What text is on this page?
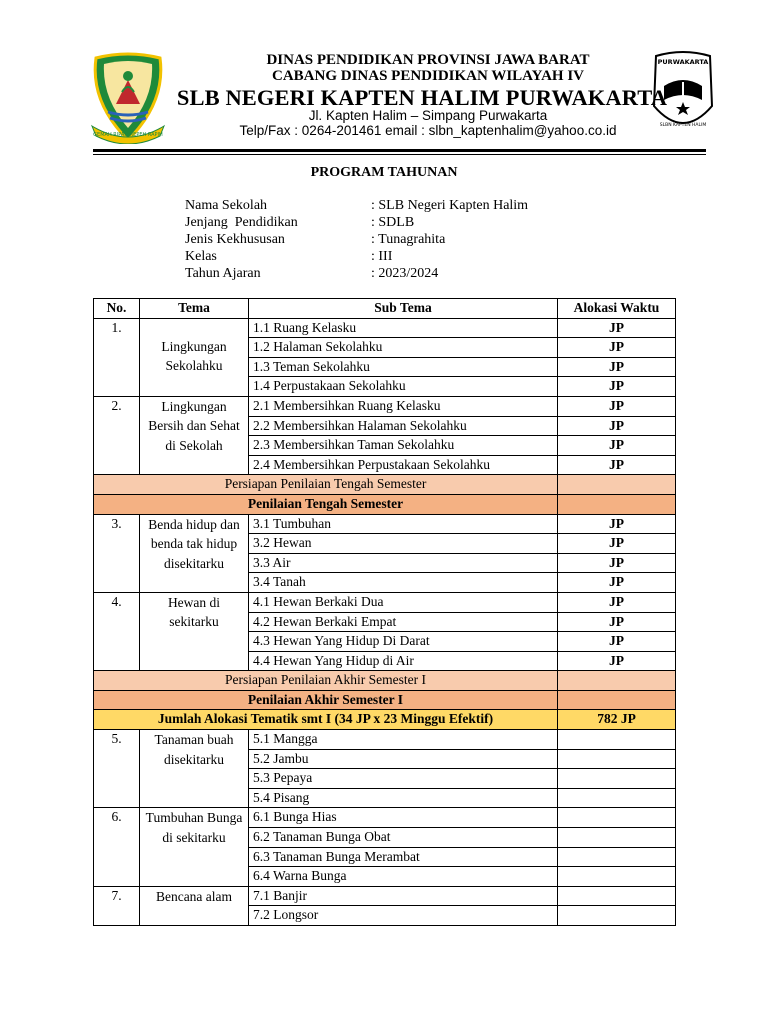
GEMAH RIPAH REPEH RAPIH
PURWAKARTA
SLBN KAPTEN HALIM
DINAS PENDIDIKAN PROVINSI JAWA BARAT
CABANG DINAS PENDIDIKAN WILAYAH IV
SLB NEGERI KAPTEN HALIM PURWAKARTA
Jl. Kapten Halim – Simpang Purwakarta
Telp/Fax : 0264-201461 email : slbn_kaptenhalim@yahoo.co.id
PROGRAM TAHUNAN
Nama Sekolah	: SLB Negeri Kapten Halim
Jenjang  Pendidikan	: SDLB
Jenis Kekhususan	: Tunagrahita
Kelas	: III
Tahun Ajaran	: 2023/2024
No.	Tema	Sub Tema	Alokasi Waktu
1.	Lingkungan Sekolahku	1.1 Ruang Kelasku	JP
		1.2 Halaman Sekolahku	JP
		1.3 Teman Sekolahku	JP
		1.4 Perpustakaan Sekolahku	JP
2.	Lingkungan Bersih dan Sehat di Sekolah	2.1 Membersihkan Ruang Kelasku	JP
		2.2 Membersihkan Halaman Sekolahku	JP
		2.3 Membersihkan Taman Sekolahku	JP
		2.4 Membersihkan Perpustakaan Sekolahku	JP
Persiapan Penilaian Tengah Semester			
Penilaian Tengah Semester			
3.	Benda hidup dan benda tak hidup disekitarku	3.1 Tumbuhan	JP
		3.2 Hewan	JP
		3.3 Air	JP
		3.4 Tanah	JP
4.	Hewan di sekitarku	4.1 Hewan Berkaki Dua	JP
		4.2 Hewan Berkaki Empat	JP
		4.3 Hewan Yang Hidup Di Darat	JP
		4.4 Hewan Yang Hidup di Air	JP
Persiapan Penilaian Akhir Semester I			
Penilaian Akhir Semester I			
Jumlah Alokasi Tematik smt I (34 JP x 23 Minggu Efektif)			782 JP
5.	Tanaman buah disekitarku	5.1 Mangga	
		5.2 Jambu	
		5.3 Pepaya	
		5.4 Pisang	
6.	Tumbuhan Bunga di sekitarku	6.1 Bunga Hias	
		6.2 Tanaman Bunga Obat	
		6.3 Tanaman Bunga Merambat	
		6.4 Warna Bunga	
7.	Bencana alam	7.1 Banjir	
		7.2 Longsor	
